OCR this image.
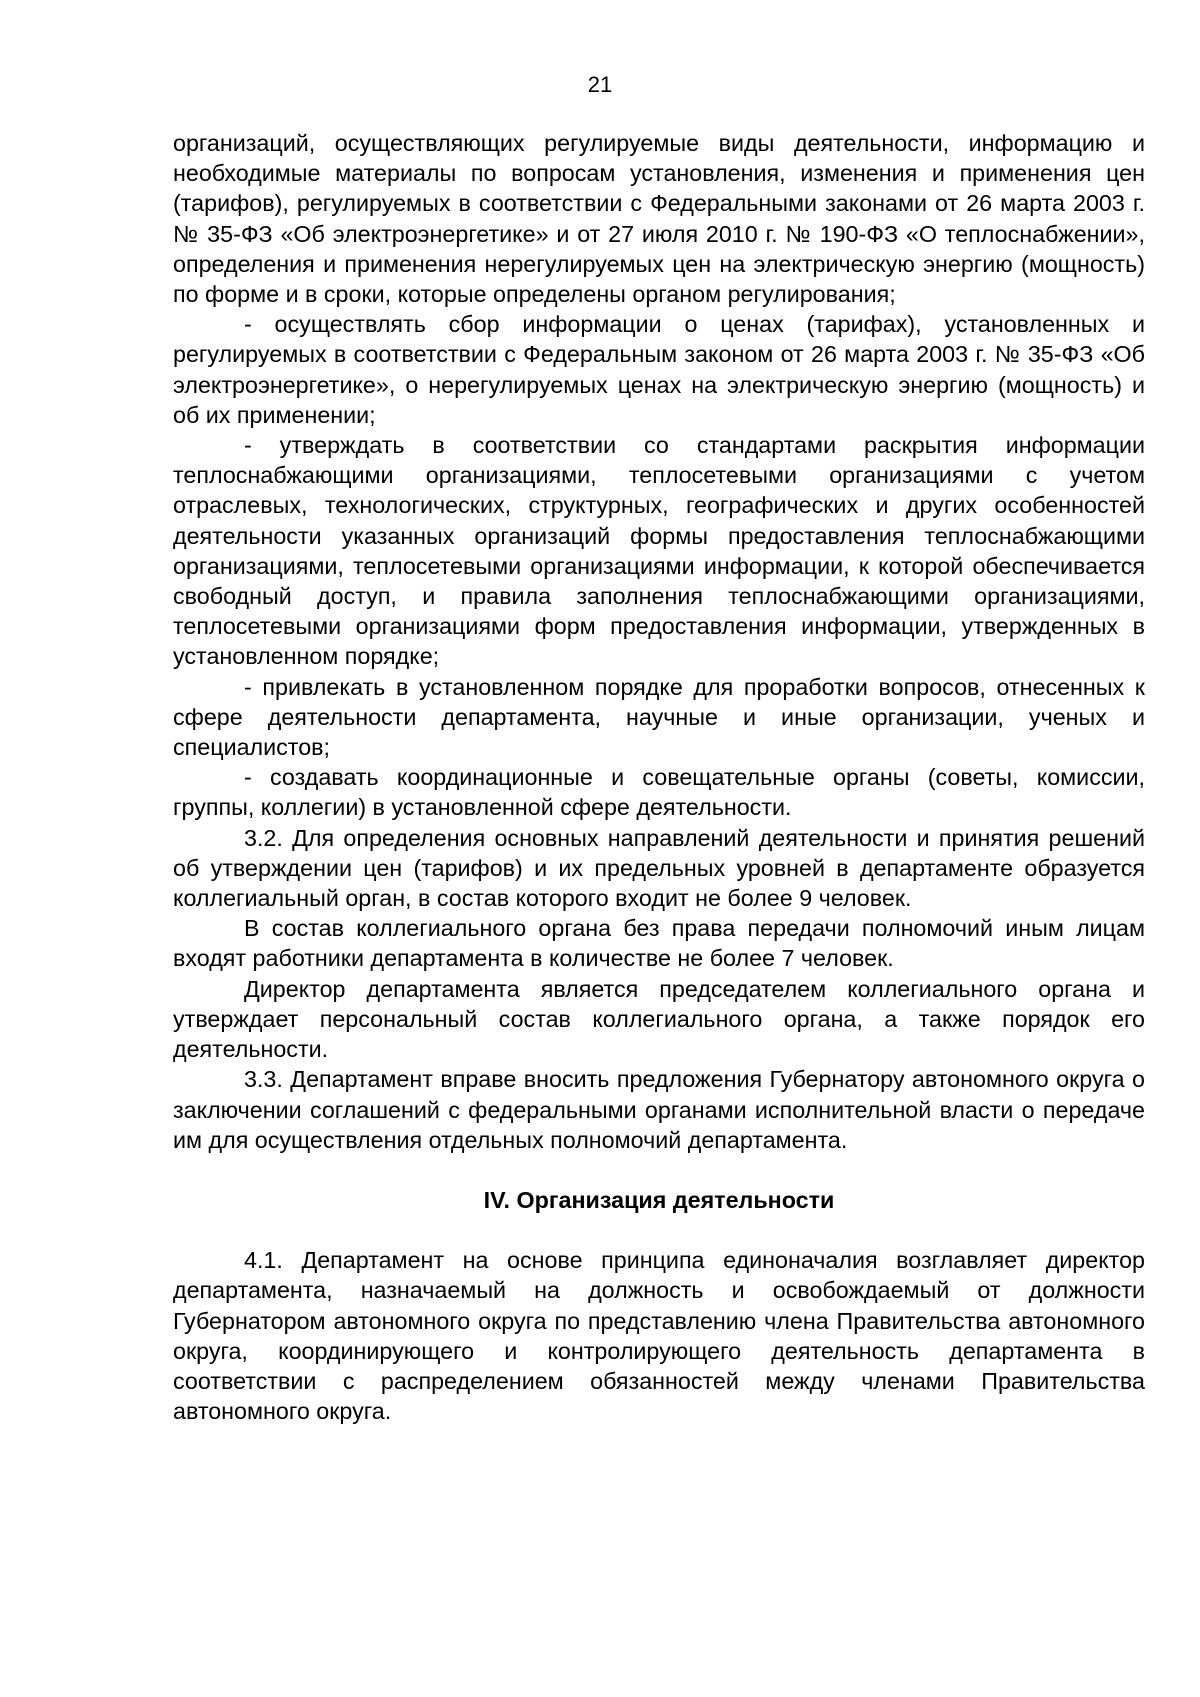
21

организаций, осуществляющих регулируемые виды деятельности, информацию и необходимые материалы по вопросам установления, изменения и применения цен (тарифов), регулируемых в соответствии с Федеральными законами от 26 марта 2003 г. № 35-ФЗ «Об электроэнергетике» и от 27 июля 2010 г. № 190-ФЗ «О теплоснабжении», определения и применения нерегулируемых цен на электрическую энергию (мощность) по форме и в сроки, которые определены органом регулирования;

- осуществлять сбор информации о ценах (тарифах), установленных и регулируемых в соответствии с Федеральным законом от 26 марта 2003 г. № 35-ФЗ «Об электроэнергетике», о нерегулируемых ценах на электрическую энергию (мощность) и об их применении;

- утверждать в соответствии со стандартами раскрытия информации теплоснабжающими организациями, теплосетевыми организациями с учетом отраслевых, технологических, структурных, географических и других особенностей деятельности указанных организаций формы предоставления теплоснабжающими организациями, теплосетевыми организациями информации, к которой обеспечивается свободный доступ, и правила заполнения теплоснабжающими организациями, теплосетевыми организациями форм предоставления информации, утвержденных в установленном порядке;

- привлекать в установленном порядке для проработки вопросов, отнесенных к сфере деятельности департамента, научные и иные организации, ученых и специалистов;

- создавать координационные и совещательные органы (советы, комиссии, группы, коллегии) в установленной сфере деятельности.

3.2. Для определения основных направлений деятельности и принятия решений об утверждении цен (тарифов) и их предельных уровней в департаменте образуется коллегиальный орган, в состав которого входит не более 9 человек.

В состав коллегиального органа без права передачи полномочий иным лицам входят работники департамента в количестве не более 7 человек.

Директор департамента является председателем коллегиального органа и утверждает персональный состав коллегиального органа, а также порядок его деятельности.

3.3. Департамент вправе вносить предложения Губернатору автономного округа о заключении соглашений с федеральными органами исполнительной власти о передаче им для осуществления отдельных полномочий департамента.

IV. Организация деятельности

4.1. Департамент на основе принципа единоначалия возглавляет директор департамента, назначаемый на должность и освобождаемый от должности Губернатором автономного округа по представлению члена Правительства автономного округа, координирующего и контролирующего деятельность департамента в соответствии с распределением обязанностей между членами Правительства автономного округа.
